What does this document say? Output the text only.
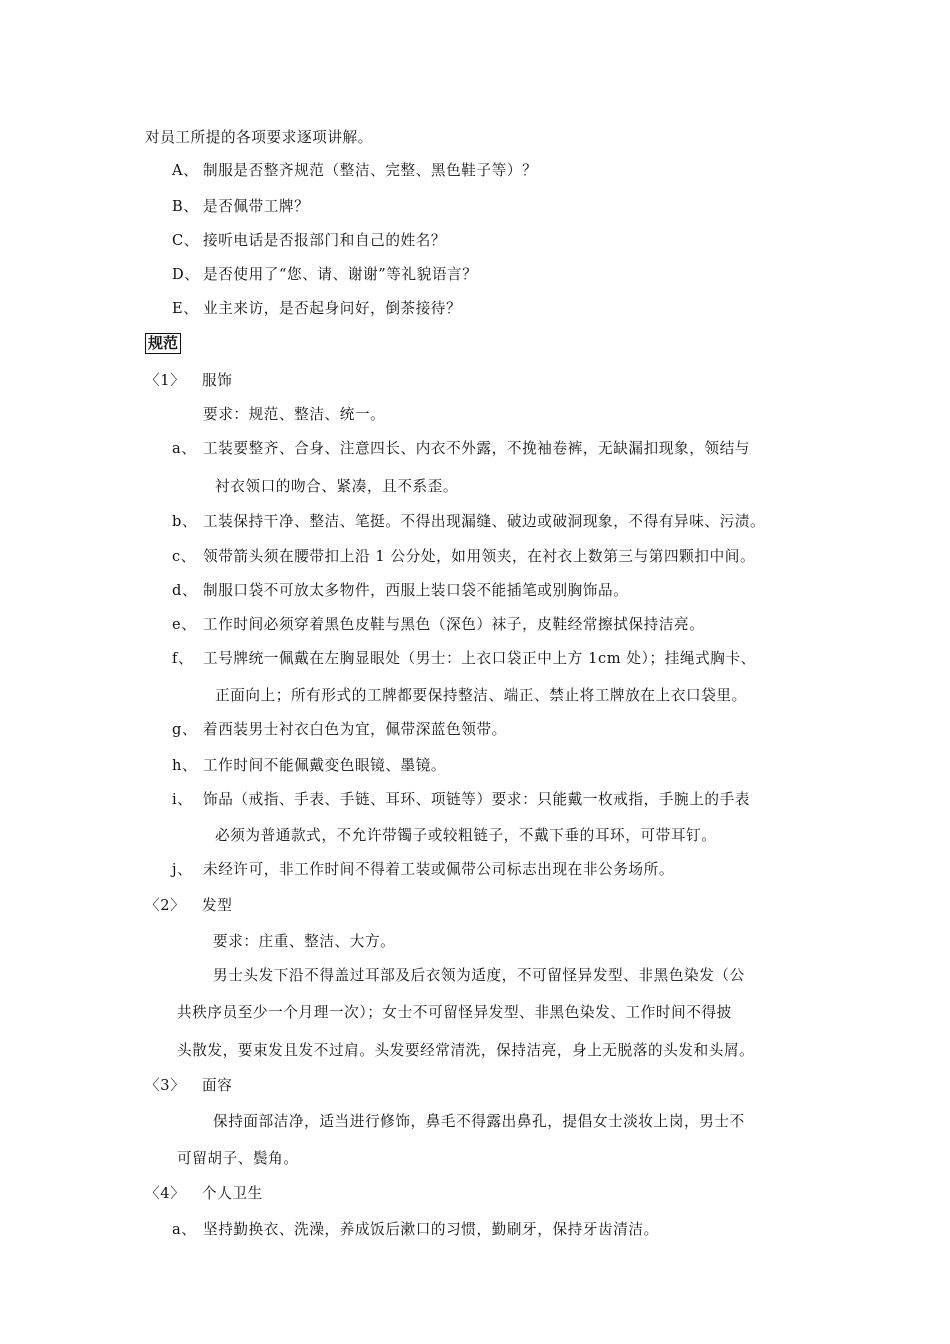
对员工所提的各项要求逐项讲解。
A、 制服是否整齐规范（整洁、完整、黑色鞋子等）？
B、 是否佩带工牌？
C、 接听电话是否报部门和自己的姓名？
D、 是否使用了“您、请、谢谢”等礼貌语言？
E、 业主来访，是否起身问好，倒茶接待？
规范
〈1〉 服饰
要求：规范、整洁、统一。
a、 工装要整齐、合身、注意四长、内衣不外露，不挽袖卷裤，无缺漏扣现象，领结与
衬衣领口的吻合、紧凑，且不系歪。
b、 工装保持干净、整洁、笔挺。不得出现漏缝、破边或破洞现象，不得有异味、污渍。
c、 领带箭头须在腰带扣上沿 1 公分处，如用领夹，在衬衣上数第三与第四颗扣中间。
d、 制服口袋不可放太多物件，西服上装口袋不能插笔或别胸饰品。
e、 工作时间必须穿着黑色皮鞋与黑色（深色）袜子，皮鞋经常擦拭保持洁亮。
f、 工号牌统一佩戴在左胸显眼处（男士：上衣口袋正中上方 1cm 处）；挂绳式胸卡、
正面向上；所有形式的工牌都要保持整洁、端正、禁止将工牌放在上衣口袋里。
g、 着西装男士衬衣白色为宜，佩带深蓝色领带。
h、 工作时间不能佩戴变色眼镜、墨镜。
i、 饰品（戒指、手表、手链、耳环、项链等）要求：只能戴一枚戒指，手腕上的手表
必须为普通款式，不允许带镯子或较粗链子，不戴下垂的耳环，可带耳钉。
j、 未经许可，非工作时间不得着工装或佩带公司标志出现在非公务场所。
〈2〉 发型
要求：庄重、整洁、大方。
男士头发下沿不得盖过耳部及后衣领为适度，不可留怪异发型、非黑色染发（公
共秩序员至少一个月理一次）；女士不可留怪异发型、非黑色染发、工作时间不得披
头散发，要束发且发不过肩。头发要经常清洗，保持洁亮，身上无脱落的头发和头屑。
〈3〉 面容
保持面部洁净，适当进行修饰，鼻毛不得露出鼻孔，提倡女士淡妆上岗，男士不
可留胡子、鬓角。
〈4〉 个人卫生
a、 坚持勤换衣、洗澡，养成饭后漱口的习惯，勤刷牙，保持牙齿清洁。
